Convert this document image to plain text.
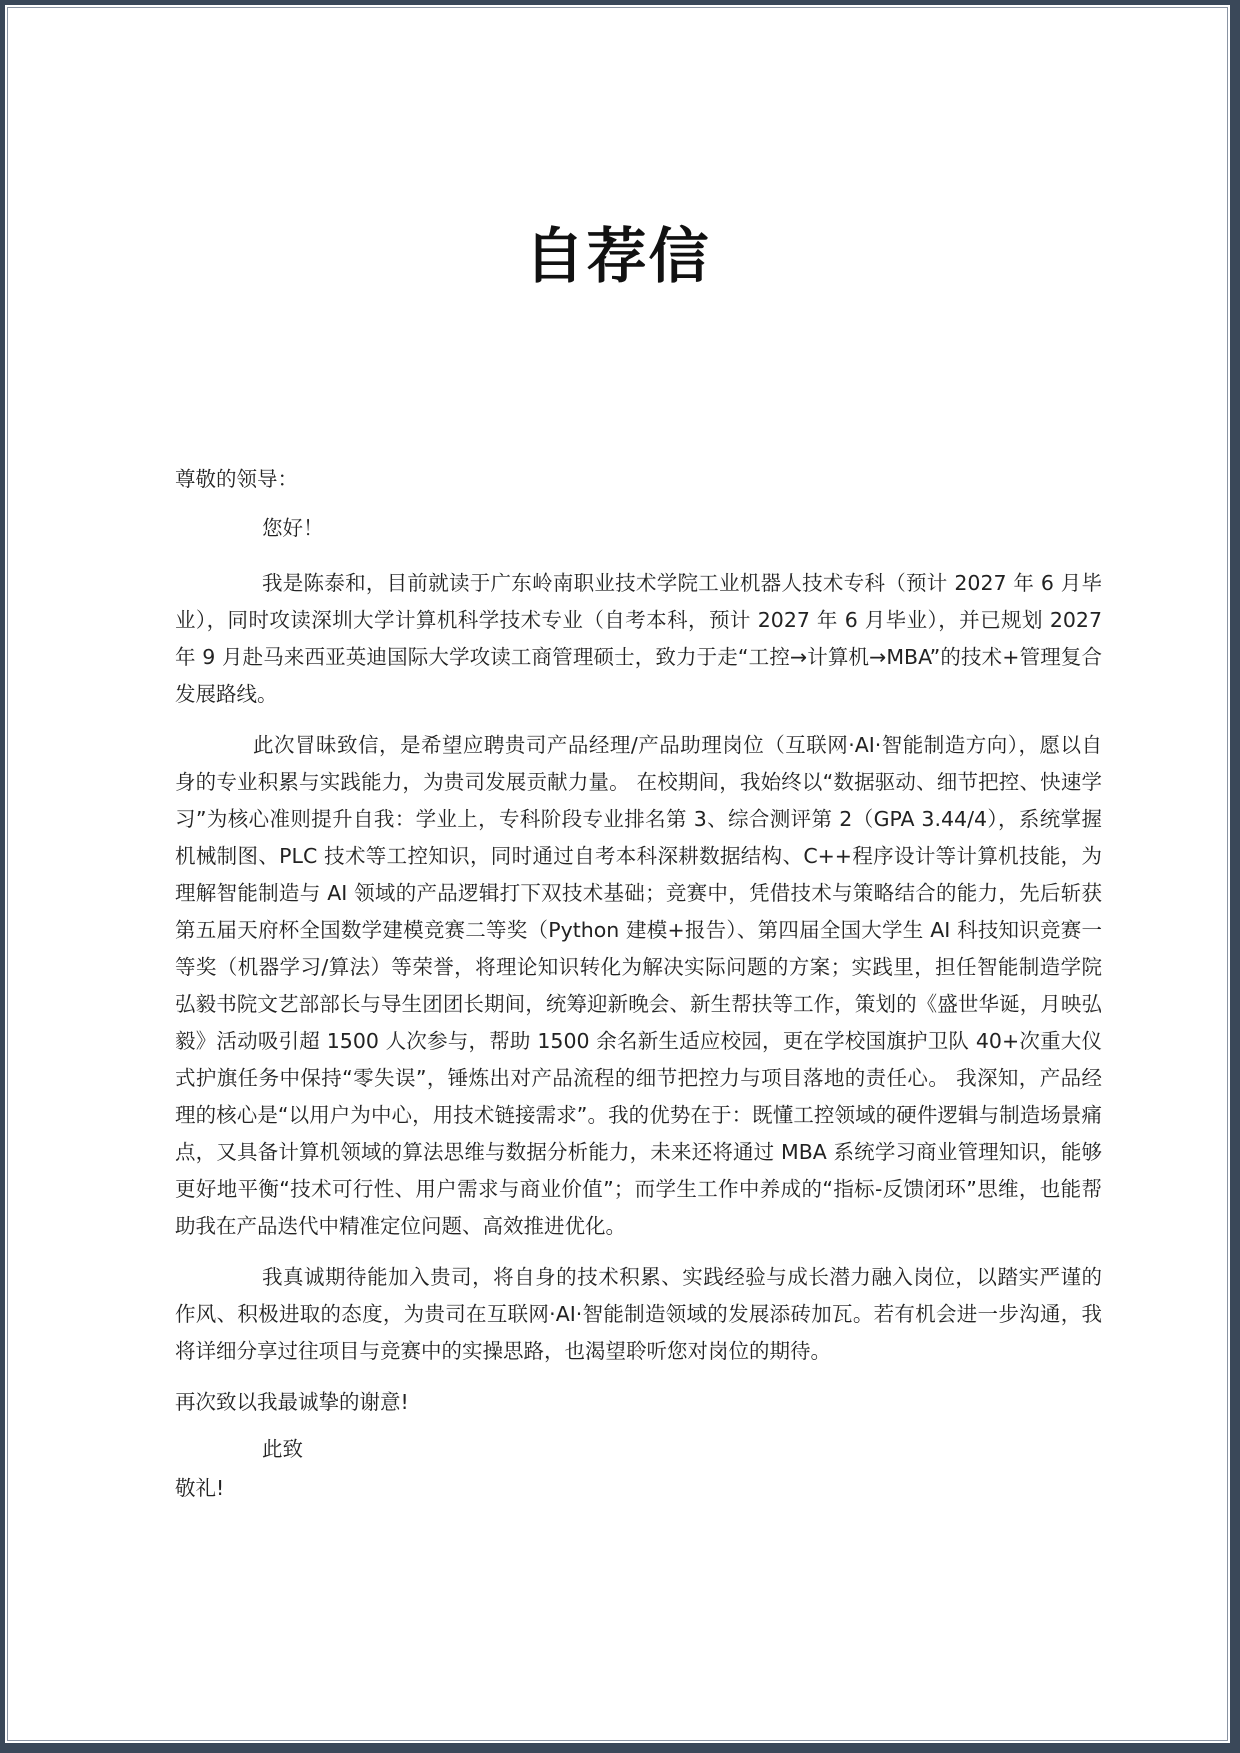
自荐信

尊敬的领导：

您好！

我是陈泰和，目前就读于广东岭南职业技术学院工业机器人技术专科（预计 2027 年 6 月毕业），同时攻读深圳大学计算机科学技术专业（自考本科，预计 2027 年 6 月毕业），并已规划 2027 年 9 月赴马来西亚英迪国际大学攻读工商管理硕士，致力于走“工控→计算机→MBA”的技术+管理复合发展路线。

此次冒昧致信，是希望应聘贵司产品经理/产品助理岗位（互联网·AI·智能制造方向），愿以自身的专业积累与实践能力，为贵司发展贡献力量。 在校期间，我始终以“数据驱动、细节把控、快速学习”为核心准则提升自我：学业上，专科阶段专业排名第 3、综合测评第 2（GPA 3.44/4），系统掌握机械制图、PLC 技术等工控知识，同时通过自考本科深耕数据结构、C++程序设计等计算机技能，为理解智能制造与 AI 领域的产品逻辑打下双技术基础；竞赛中，凭借技术与策略结合的能力，先后斩获第五届天府杯全国数学建模竞赛二等奖（Python 建模+报告）、第四届全国大学生 AI 科技知识竞赛一等奖（机器学习/算法）等荣誉，将理论知识转化为解决实际问题的方案；实践里，担任智能制造学院弘毅书院文艺部部长与导生团团长期间，统筹迎新晚会、新生帮扶等工作，策划的《盛世华诞，月映弘毅》活动吸引超 1500 人次参与，帮助 1500 余名新生适应校园，更在学校国旗护卫队 40+次重大仪式护旗任务中保持“零失误”，锤炼出对产品流程的细节把控力与项目落地的责任心。 我深知，产品经理的核心是“以用户为中心，用技术链接需求”。我的优势在于：既懂工控领域的硬件逻辑与制造场景痛点，又具备计算机领域的算法思维与数据分析能力，未来还将通过 MBA 系统学习商业管理知识，能够更好地平衡“技术可行性、用户需求与商业价值”；而学生工作中养成的“指标-反馈闭环”思维，也能帮助我在产品迭代中精准定位问题、高效推进优化。

我真诚期待能加入贵司，将自身的技术积累、实践经验与成长潜力融入岗位，以踏实严谨的作风、积极进取的态度，为贵司在互联网·AI·智能制造领域的发展添砖加瓦。若有机会进一步沟通，我将详细分享过往项目与竞赛中的实操思路，也渴望聆听您对岗位的期待。

再次致以我最诚挚的谢意!

此致

敬礼!
